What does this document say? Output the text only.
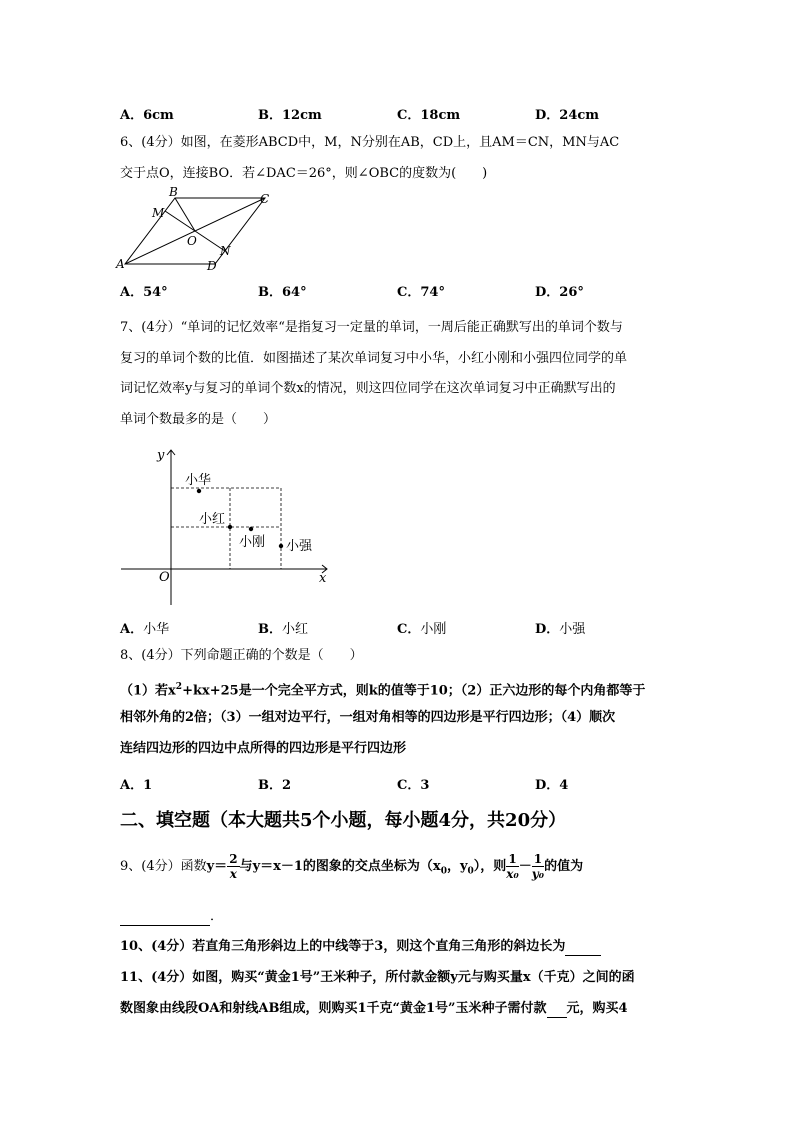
A．6cm	B．12cm	C．18cm	D．24cm
6、(4分）如图，在菱形ABCD中，M，N分别在AB，CD上，且AM＝CN，MN与AC
交于点O，连接BO．若∠DAC＝26°，则∠OBC的度数为(　　)
A
B	C
D
M
N
O
A．54°	B．64°	C．74°	D．26°
7、(4分）“单词的记忆效率“是指复习一定量的单词，一周后能正确默写出的单词个数与
复习的单词个数的比值．如图描述了某次单词复习中小华，小红小刚和小强四位同学的单
词记忆效率y与复习的单词个数x的情况，则这四位同学在这次单词复习中正确默写出的
单词个数最多的是（　　）
小华
小红
小刚 小强
y
x
O
A．小华	B．小红	C．小刚	D．小强
8、(4分）下列命题正确的个数是（　　）
（1）若$x^2+kx+25$是一个完全平方式，则k的值等于10；（2）正六边形的每个内角都等于
相邻外角的2倍；（3）一组对边平行，一组对角相等的四边形是平行四边形；（4）顺次
连结四边形的四边中点所得的四边形是平行四边形
A．1	B．2	C．3	D．4
二、填空题（本大题共5个小题，每小题4分，共20分）
9、(4分）函数$y= \frac{2}{x}$ 与y＝x－1的图象的交点坐标为（$x_0$，$y_0$），则 $\frac{1}{\text{x₀}} - \frac{1}{\text{y₀}}$ 的值为
．
10、(4分）若直角三角形斜边上的中线等于3，则这个直角三角形的斜边长为
11、(4分）如图，购买“黄金1号”王米种子，所付款金额y元与购买量x（千克）之间的函
数图象由线段OA和射线AB组成，则购买1千克“黄金1号”玉米种子需付款 元，购买4
